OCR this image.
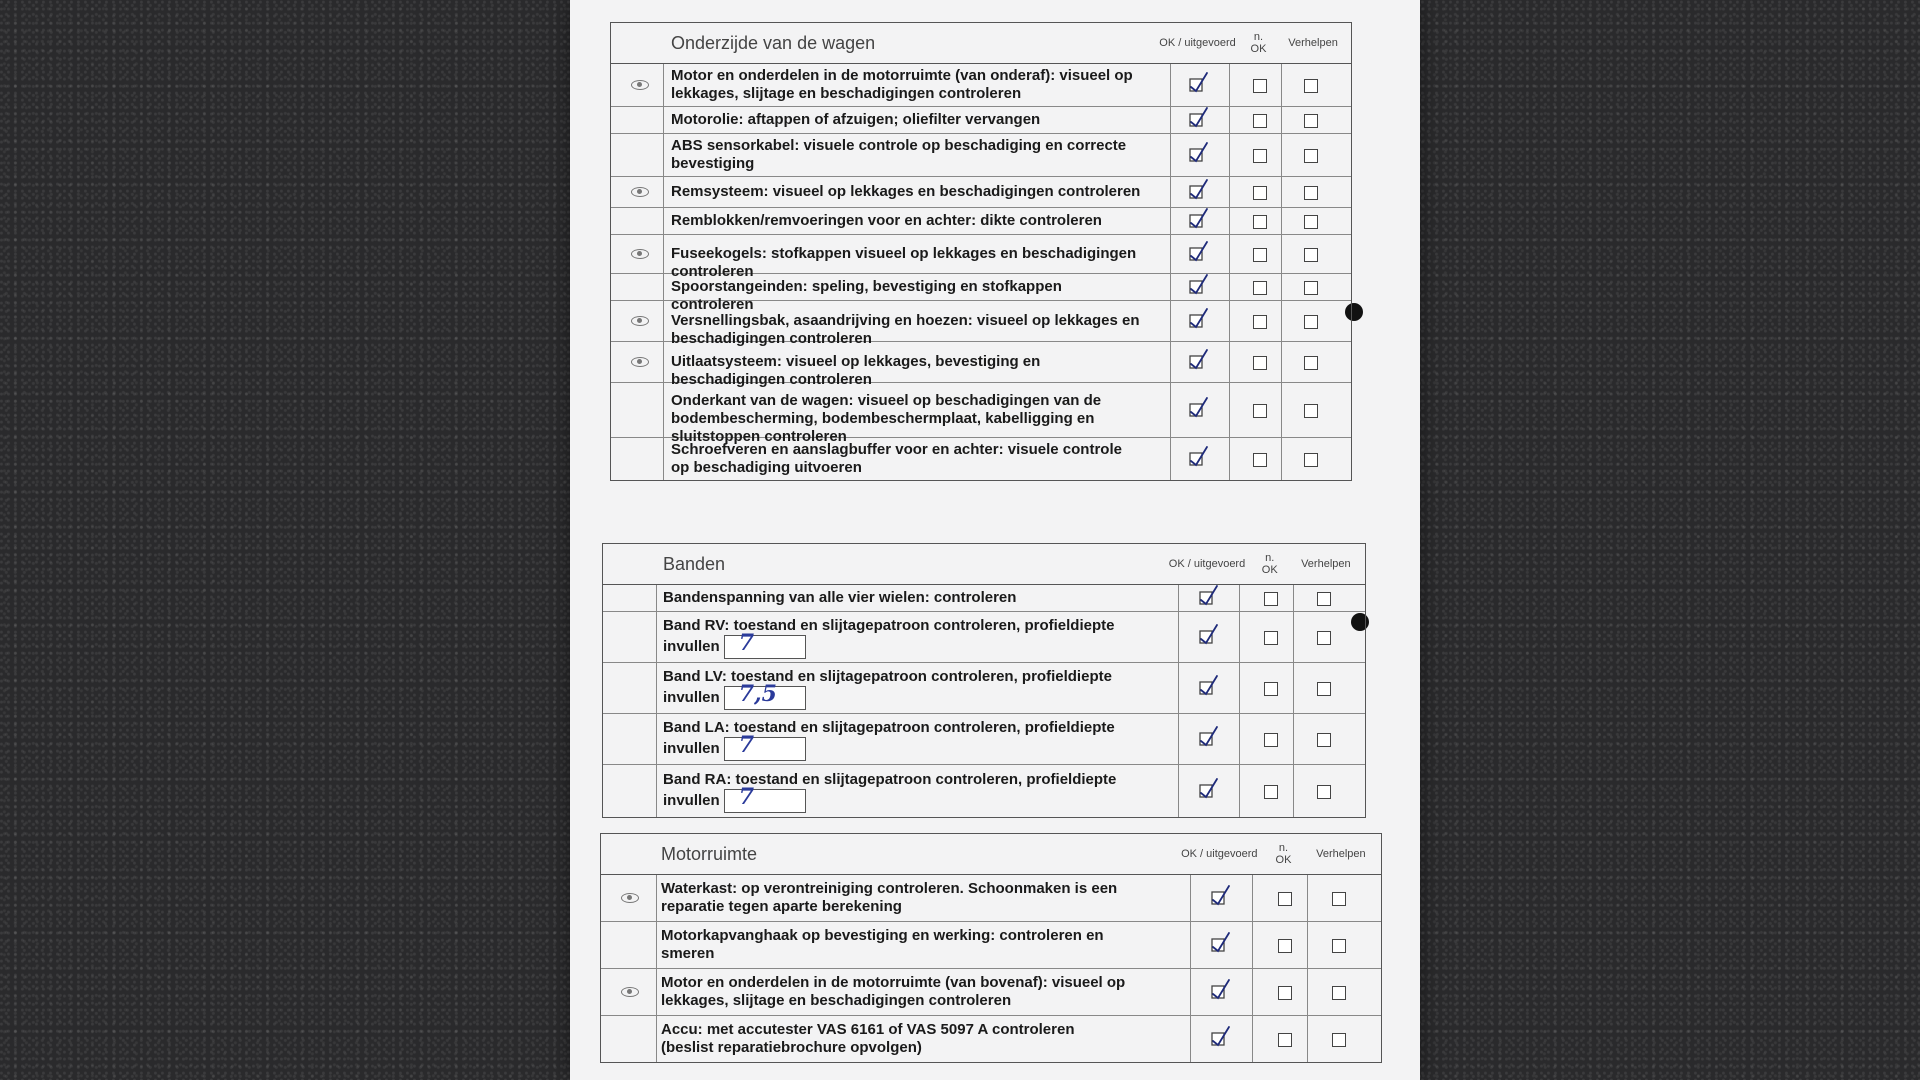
Onderzijde van de wagen	OK / uitgevoerd	n. OK Verhelpen
Motor en onderdelen in de motorruimte (van onderaf): visueel op lekkages, slijtage en beschadigingen controleren
Motorolie: aftappen of afzuigen; oliefilter vervangen
ABS sensorkabel: visuele controle op beschadiging en correcte bevestiging
Remsysteem: visueel op lekkages en beschadigingen controleren
Remblokken/remvoeringen voor en achter: dikte controleren
Fuseekogels: stofkappen visueel op lekkages en beschadigingen controleren
Spoorstangeinden: speling, bevestiging en stofkappen controleren
Versnellingsbak, asaandrijving en hoezen: visueel op lekkages en beschadigingen controleren
Uitlaatsysteem: visueel op lekkages, bevestiging en beschadigingen controleren
Onderkant van de wagen: visueel op beschadigingen van de bodembescherming, bodembeschermplaat, kabelligging en sluitstoppen controleren
Schroefveren en aanslagbuffer voor en achter: visuele controle op beschadiging uitvoeren
Banden	OK / uitgevoerd	n. OK Verhelpen
Bandenspanning van alle vier wielen: controleren
Band RV: toestand en slijtagepatroon controleren, profieldiepte
invullen 7
Band LV: toestand en slijtagepatroon controleren, profieldiepte
invullen 7,5
Band LA: toestand en slijtagepatroon controleren, profieldiepte
invullen 7
Band RA: toestand en slijtagepatroon controleren, profieldiepte
invullen 7
Motorruimte	OK / uitgevoerd	n. OK Verhelpen
Waterkast: op verontreiniging controleren. Schoonmaken is een reparatie tegen aparte berekening
Motorkapvanghaak op bevestiging en werking: controleren en smeren
Motor en onderdelen in de motorruimte (van bovenaf): visueel op lekkages, slijtage en beschadigingen controleren
Accu: met accutester VAS 6161 of VAS 5097 A controleren (beslist reparatiebrochure opvolgen)
